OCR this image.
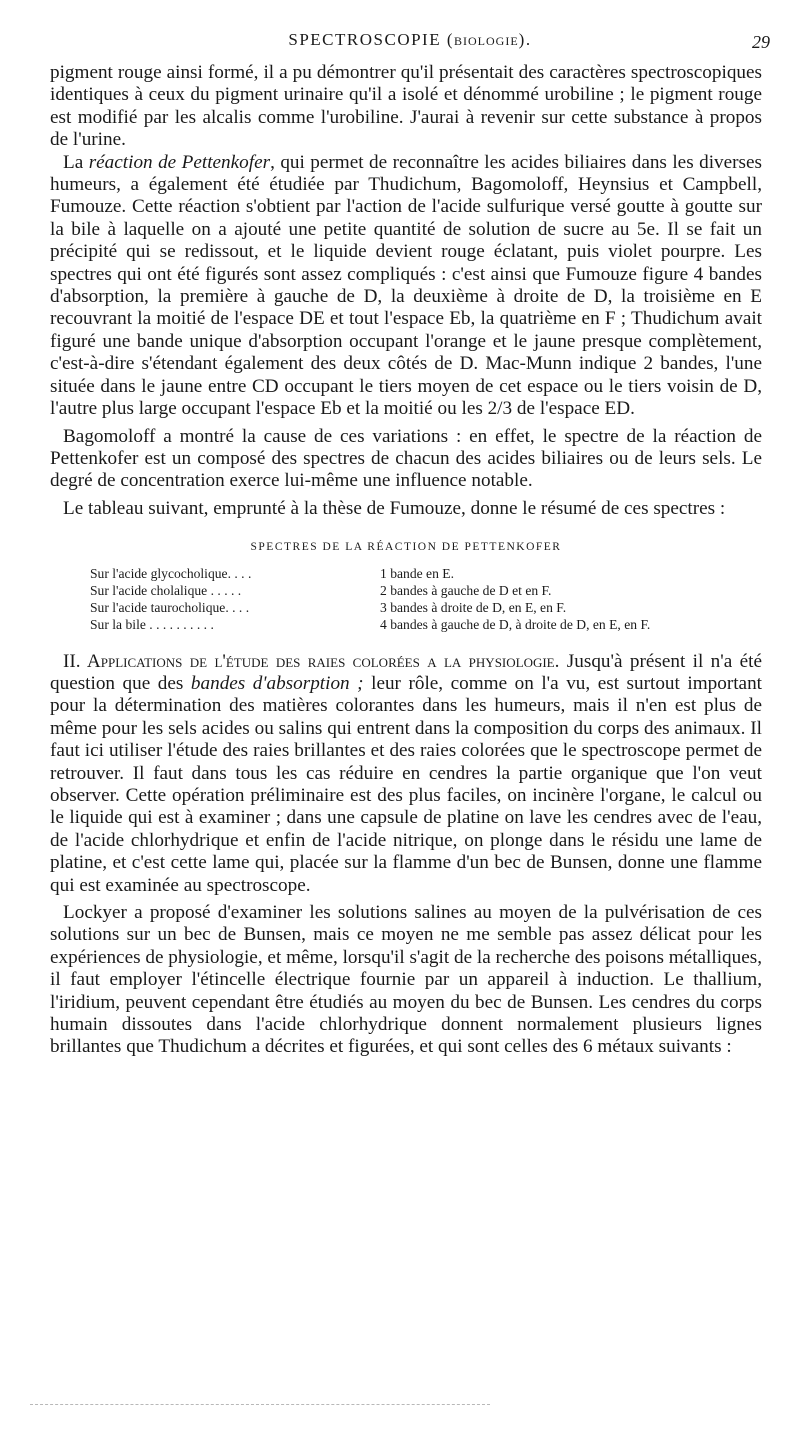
SPECTROSCOPIE (BIOLOGIE).	29

pigment rouge ainsi formé, il a pu démontrer qu'il présentait des caractères spectroscopiques identiques à ceux du pigment urinaire qu'il a isolé et dénommé urobiline ; le pigment rouge est modifié par les alcalis comme l'urobiline. J'aurai à revenir sur cette substance à propos de l'urine.

La réaction de Pettenkofer, qui permet de reconnaître les acides biliaires dans les diverses humeurs, a également été étudiée par Thudichum, Bagomoloff, Heynsius et Campbell, Fumouze. Cette réaction s'obtient par l'action de l'acide sulfurique versé goutte à goutte sur la bile à laquelle on a ajouté une petite quantité de solution de sucre au 5e. Il se fait un précipité qui se redissout, et le liquide devient rouge éclatant, puis violet pourpre. Les spectres qui ont été figurés sont assez compliqués : c'est ainsi que Fumouze figure 4 bandes d'absorption, la première à gauche de D, la deuxième à droite de D, la troisième en E recouvrant la moitié de l'espace DE et tout l'espace Eb, la quatrième en F ; Thudichum avait figuré une bande unique d'absorption occupant l'orange et le jaune presque complètement, c'est-à-dire s'étendant également des deux côtés de D. Mac-Munn indique 2 bandes, l'une située dans le jaune entre CD occupant le tiers moyen de cet espace ou le tiers voisin de D, l'autre plus large occupant l'espace Eb et la moitié ou les 2/3 de l'espace ED.

Bagomoloff a montré la cause de ces variations : en effet, le spectre de la réaction de Pettenkofer est un composé des spectres de chacun des acides biliaires ou de leurs sels. Le degré de concentration exerce lui-même une influence notable.

Le tableau suivant, emprunté à la thèse de Fumouze, donne le résumé de ces spectres :

SPECTRES DE LA RÉACTION DE PETTENKOFER

Sur l'acide glycocholique. . . .	1 bande en E.
Sur l'acide cholalique . . . . .	2 bandes à gauche de D et en F.
Sur l'acide taurocholique. . . .	3 bandes à droite de D, en E, en F.
Sur la bile . . . . . . . . . .	4 bandes à gauche de D, à droite de D, en E, en F.

II. Applications de l'étude des raies colorées a la physiologie. Jusqu'à présent il n'a été question que des bandes d'absorption ; leur rôle, comme on l'a vu, est surtout important pour la détermination des matières colorantes dans les humeurs, mais il n'en est plus de même pour les sels acides ou salins qui entrent dans la composition du corps des animaux. Il faut ici utiliser l'étude des raies brillantes et des raies colorées que le spectroscope permet de retrouver. Il faut dans tous les cas réduire en cendres la partie organique que l'on veut observer. Cette opération préliminaire est des plus faciles, on incinère l'organe, le calcul ou le liquide qui est à examiner ; dans une capsule de platine on lave les cendres avec de l'eau, de l'acide chlorhydrique et enfin de l'acide nitrique, on plonge dans le résidu une lame de platine, et c'est cette lame qui, placée sur la flamme d'un bec de Bunsen, donne une flamme qui est examinée au spectroscope.

Lockyer a proposé d'examiner les solutions salines au moyen de la pulvérisation de ces solutions sur un bec de Bunsen, mais ce moyen ne me semble pas assez délicat pour les expériences de physiologie, et même, lorsqu'il s'agit de la recherche des poisons métalliques, il faut employer l'étincelle électrique fournie par un appareil à induction. Le thallium, l'iridium, peuvent cependant être étudiés au moyen du bec de Bunsen. Les cendres du corps humain dissoutes dans l'acide chlorhydrique donnent normalement plusieurs lignes brillantes que Thudichum a décrites et figurées, et qui sont celles des 6 métaux suivants :
